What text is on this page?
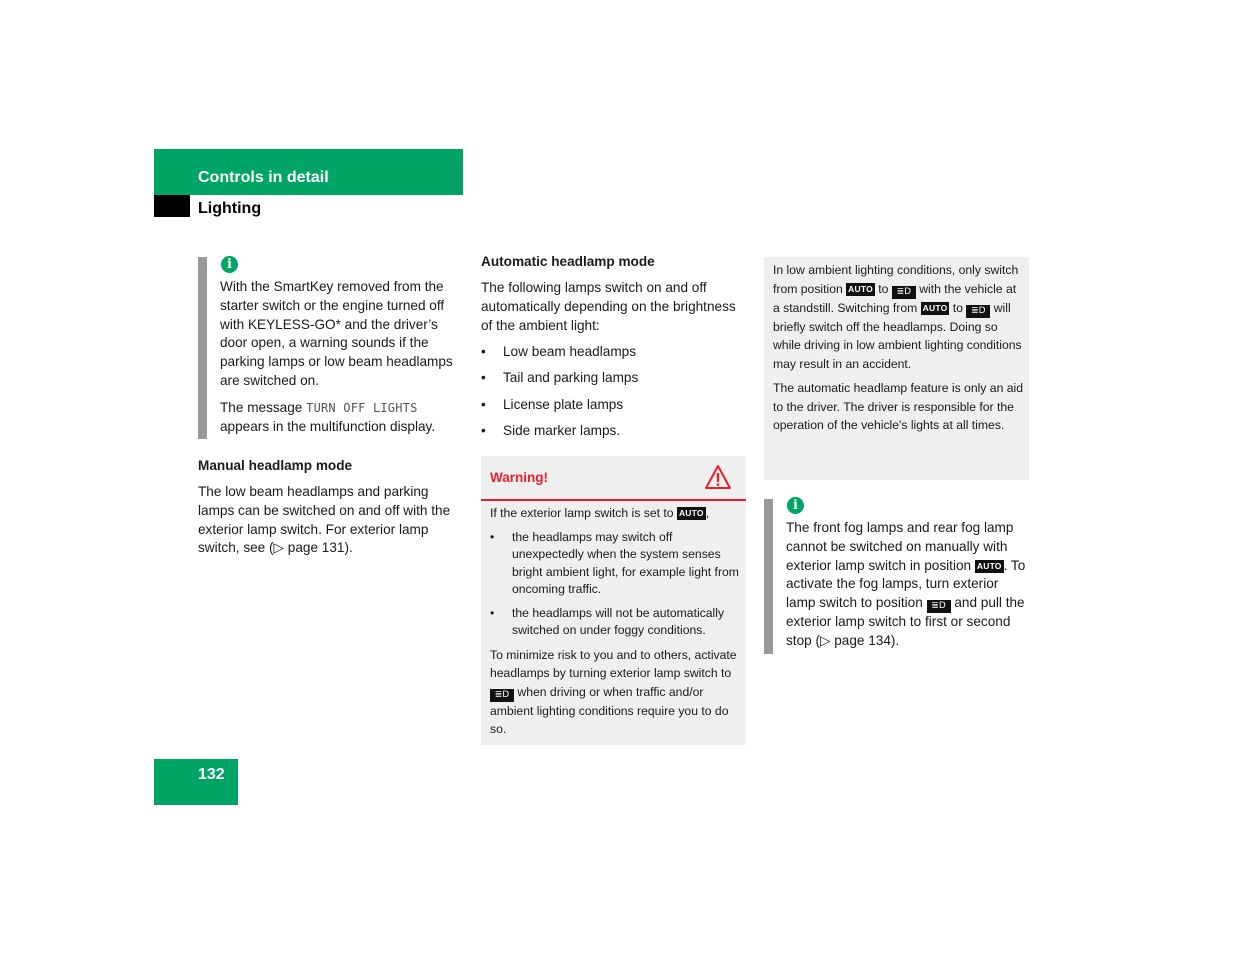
Controls in detail
Lighting
i

With the SmartKey removed from the starter switch or the engine turned off with KEYLESS-GO* and the driver’s door open, a warning sounds if the parking lamps or low beam headlamps are switched on.

The message TURN OFF LIGHTS appears in the multifunction display.

Manual headlamp mode
The low beam headlamps and parking lamps can be switched on and off with the exterior lamp switch. For exterior lamp switch, see (▷ page 131).
Automatic headlamp mode
The following lamps switch on and off automatically depending on the brightness of the ambient light:
• Low beam headlamps
• Tail and parking lamps
• License plate lamps
• Side marker lamps.
Warning!

If the exterior lamp switch is set to AUTO ,

• the headlamps may switch off unexpectedly when the system senses bright ambient light, for example light from oncoming traffic.
• the headlamps will not be automatically switched on under foggy conditions.

To minimize risk to you and to others, activate headlamps by turning exterior lamp switch to ≣D when driving or when traffic and/or ambient lighting conditions require you to do so.

In low ambient lighting conditions, only switch from position AUTO to ≣D with the vehicle at a standstill. Switching from AUTO to ≣D will briefly switch off the headlamps. Doing so while driving in low ambient lighting conditions may result in an accident.

The automatic headlamp feature is only an aid to the driver. The driver is responsible for the operation of the vehicle's lights at all times.

i

The front fog lamps and rear fog lamp cannot be switched on manually with exterior lamp switch in position AUTO . To activate the fog lamps, turn exterior lamp switch to position ≣D and pull the exterior lamp switch to first or second stop (▷ page 134).

132
